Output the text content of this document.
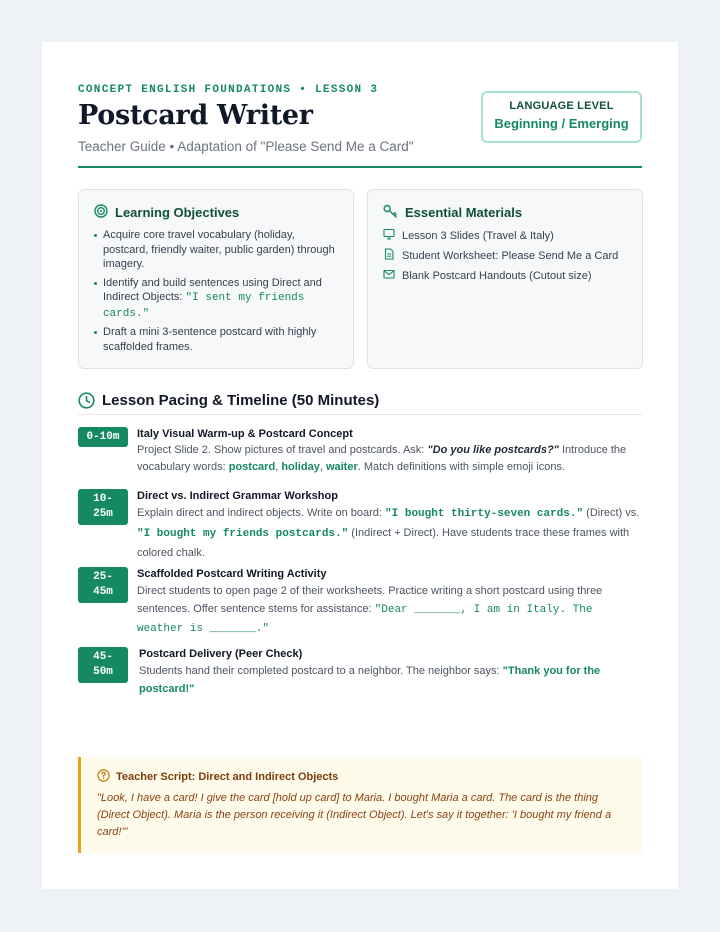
CONCEPT ENGLISH FOUNDATIONS • LESSON 3
Postcard Writer
Teacher Guide • Adaptation of "Please Send Me a Card"
LANGUAGE LEVEL
Beginning / Emerging
Learning Objectives
Acquire core travel vocabulary (holiday, postcard, friendly waiter, public garden) through imagery.
Identify and build sentences using Direct and Indirect Objects: "I sent my friends cards."
Draft a mini 3-sentence postcard with highly scaffolded frames.
Essential Materials
Lesson 3 Slides (Travel & Italy)
Student Worksheet: Please Send Me a Card
Blank Postcard Handouts (Cutout size)
Lesson Pacing & Timeline (50 Minutes)
0-10m	Italy Visual Warm-up & Postcard Concept
Project Slide 2. Show pictures of travel and postcards. Ask: "Do you like postcards?" Introduce the vocabulary words: postcard, holiday, waiter. Match definitions with simple emoji icons.
10-
25m
Direct vs. Indirect Grammar Workshop
Explain direct and indirect objects. Write on board: "I bought thirty-seven cards." (Direct) vs. "I bought my friends postcards." (Indirect + Direct). Have students trace these frames with colored chalk.
25-
45m
Scaffolded Postcard Writing Activity
Direct students to open page 2 of their worksheets. Practice writing a short postcard using three sentences. Offer sentence stems for assistance: "Dear _______, I am in Italy. The weather is _______."
45-
50m
Postcard Delivery (Peer Check)
Students hand their completed postcard to a neighbor. The neighbor says: "Thank you for the postcard!"
Teacher Script: Direct and Indirect Objects
"Look, I have a card! I give the card [hold up card] to Maria. I bought Maria a card. The card is the thing (Direct Object). Maria is the person receiving it (Indirect Object). Let's say it together: 'I bought my friend a card!'"
